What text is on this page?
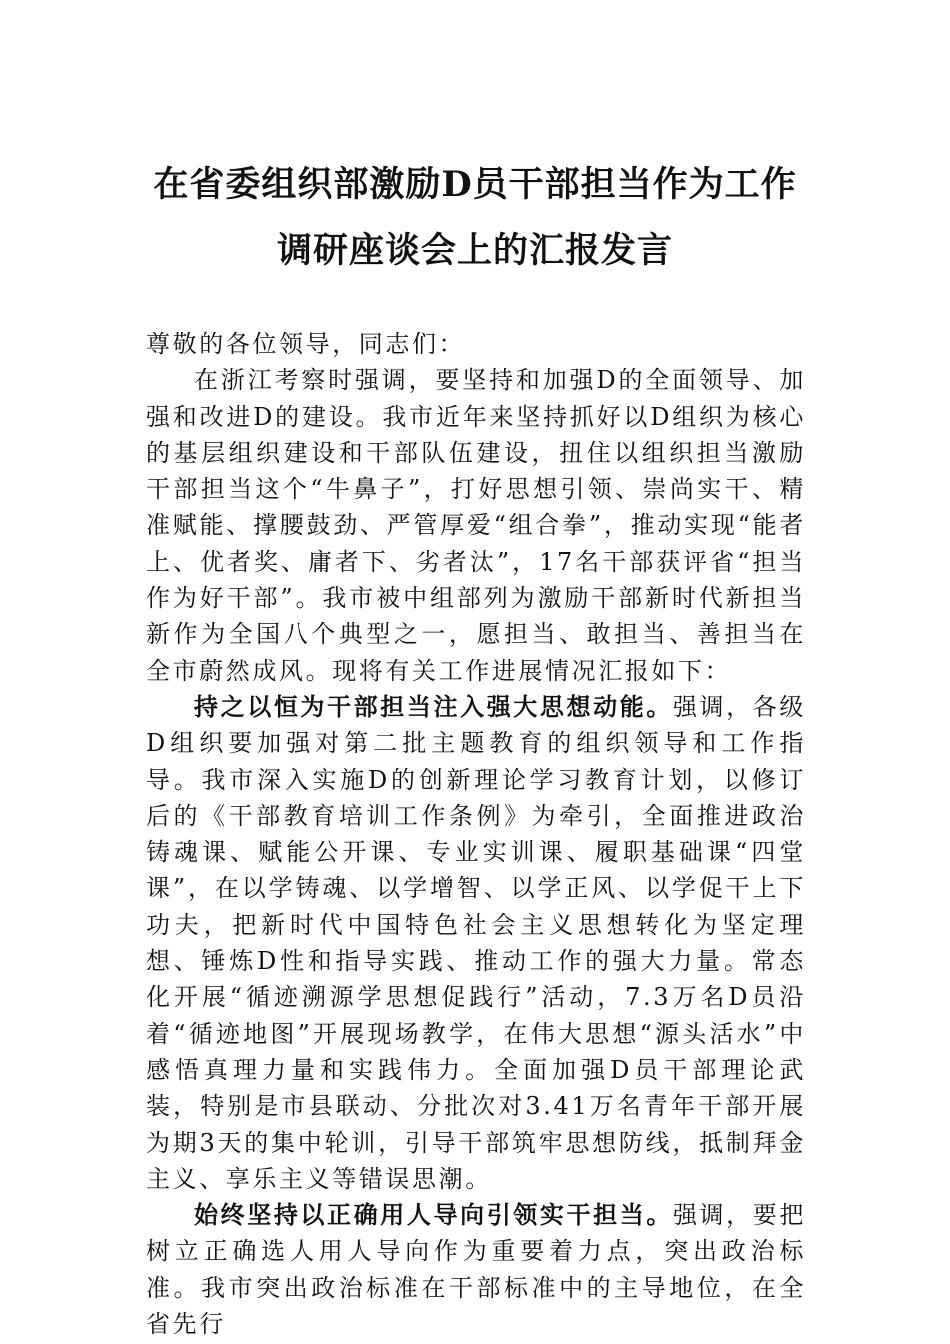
在省委组织部激励D员干部担当作为工作
调研座谈会上的汇报发言

尊敬的各位领导，同志们：

在浙江考察时强调，要坚持和加强D的全面领导、加强和改进D的建设。我市近年来坚持抓好以D组织为核心的基层组织建设和干部队伍建设，扭住以组织担当激励干部担当这个“牛鼻子”，打好思想引领、崇尚实干、精准赋能、撑腰鼓劲、严管厚爱“组合拳”，推动实现“能者上、优者奖、庸者下、劣者汰”，17名干部获评省“担当作为好干部”。我市被中组部列为激励干部新时代新担当新作为全国八个典型之一，愿担当、敢担当、善担当在全市蔚然成风。现将有关工作进展情况汇报如下：

持之以恒为干部担当注入强大思想动能。强调，各级D组织要加强对第二批主题教育的组织领导和工作指导。我市深入实施D的创新理论学习教育计划，以修订后的《干部教育培训工作条例》为牵引，全面推进政治铸魂课、赋能公开课、专业实训课、履职基础课“四堂课”，在以学铸魂、以学增智、以学正风、以学促干上下功夫，把新时代中国特色社会主义思想转化为坚定理想、锤炼D性和指导实践、推动工作的强大力量。常态化开展“循迹溯源学思想促践行”活动，7.3万名D员沿着“循迹地图”开展现场教学，在伟大思想“源头活水”中感悟真理力量和实践伟力。全面加强D员干部理论武装，特别是市县联动、分批次对3.41万名青年干部开展为期3天的集中轮训，引导干部筑牢思想防线，抵制拜金主义、享乐主义等错误思潮。

始终坚持以正确用人导向引领实干担当。强调，要把树立正确选人用人导向作为重要着力点，突出政治标准。我市突出政治标准在干部标准中的主导地位，在全省先行
